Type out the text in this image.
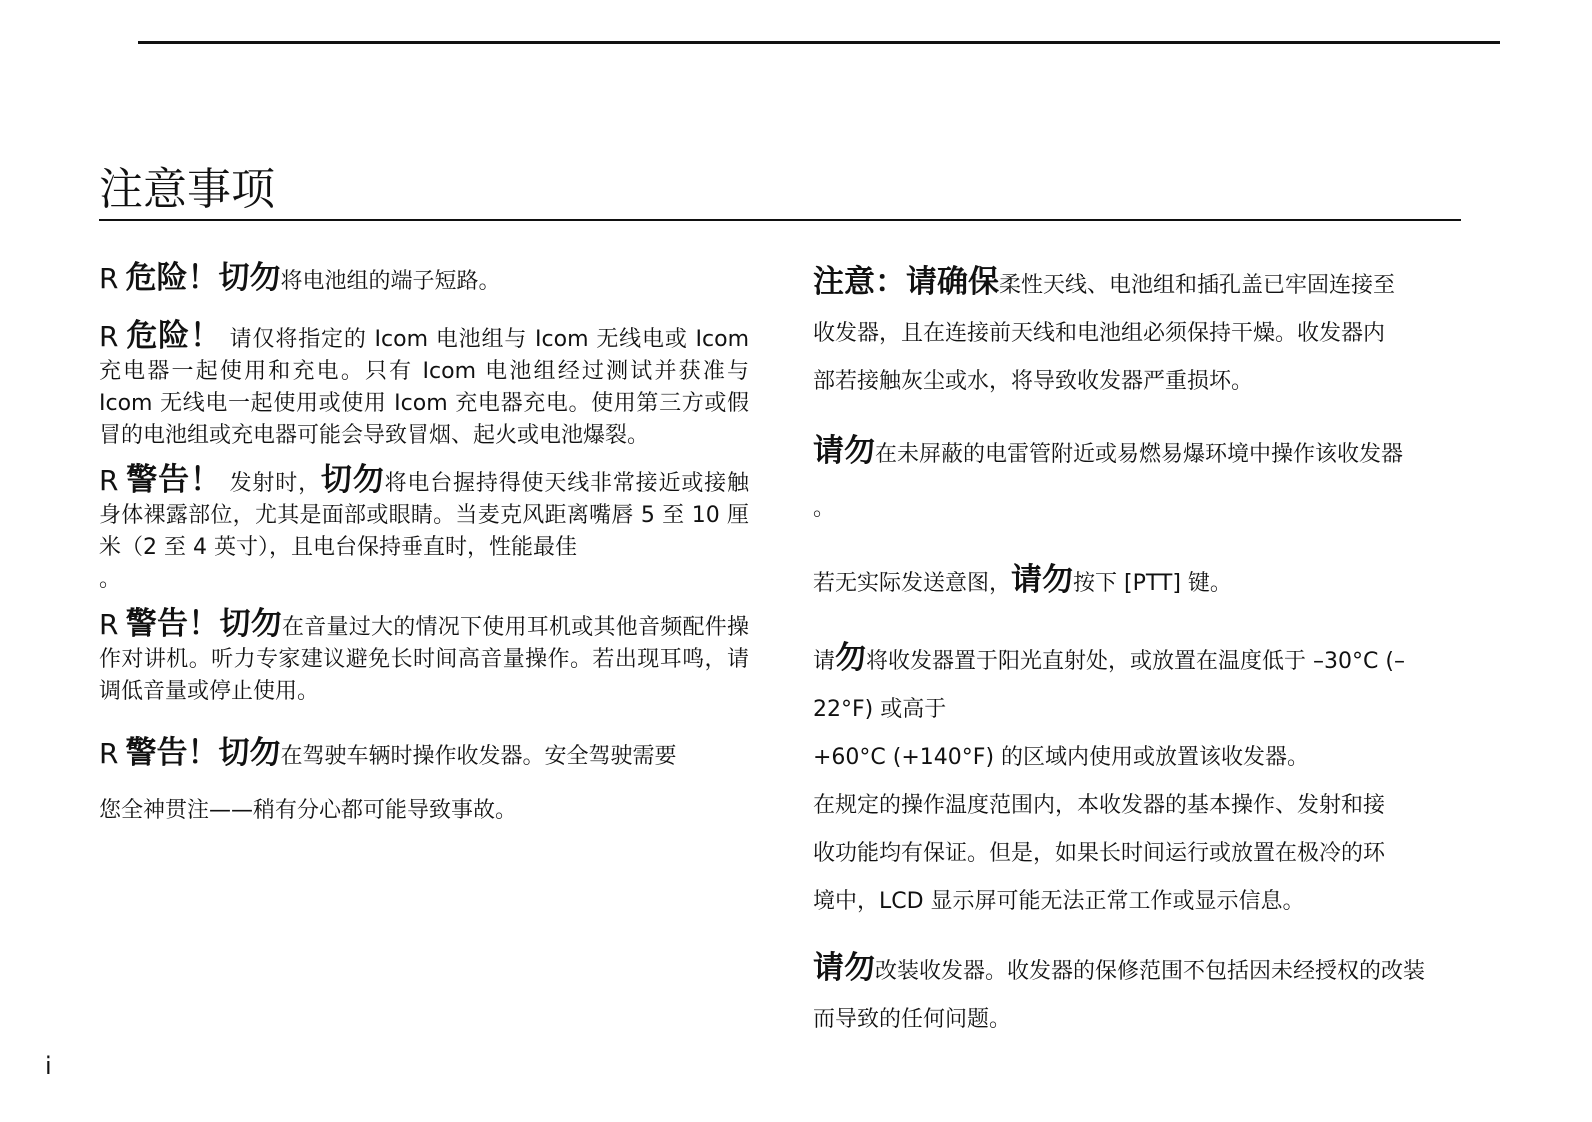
注意事项

R 危险！切勿将电池组的端子短路。

R 危险！ 请仅将指定的 Icom 电池组与 Icom 无线电或 Icom 充电器一起使用和充电。只有 Icom 电池组经过测试并获准与 Icom 无线电一起使用或使用 Icom 充电器充电。使用第三方或假冒的电池组或充电器可能会导致冒烟、起火或电池爆裂。

R 警告！ 发射时，切勿将电台握持得使天线非常接近或接触身体裸露部位，尤其是面部或眼睛。当麦克风距离嘴唇 5 至 10 厘米（2 至 4 英寸），且电台保持垂直时，性能最佳
。

R 警告！切勿在音量过大的情况下使用耳机或其他音频配件操作对讲机。听力专家建议避免长时间高音量操作。若出现耳鸣，请调低音量或停止使用。

R 警告！切勿在驾驶车辆时操作收发器。安全驾驶需要
您全神贯注——稍有分心都可能导致事故。

注意：请确保柔性天线、电池组和插孔盖已牢固连接至
收发器，且在连接前天线和电池组必须保持干燥。收发器内
部若接触灰尘或水，将导致收发器严重损坏。

请勿在未屏蔽的电雷管附近或易燃易爆环境中操作该收发器
。

若无实际发送意图，请勿按下 [PTT] 键。

请勿将收发器置于阳光直射处，或放置在温度低于 –30°C (–
22°F) 或高于
+60°C (+140°F) 的区域内使用或放置该收发器。
在规定的操作温度范围内，本收发器的基本操作、发射和接
收功能均有保证。但是，如果长时间运行或放置在极冷的环
境中，LCD 显示屏可能无法正常工作或显示信息。

请勿改装收发器。收发器的保修范围不包括因未经授权的改装
而导致的任何问题。

i
